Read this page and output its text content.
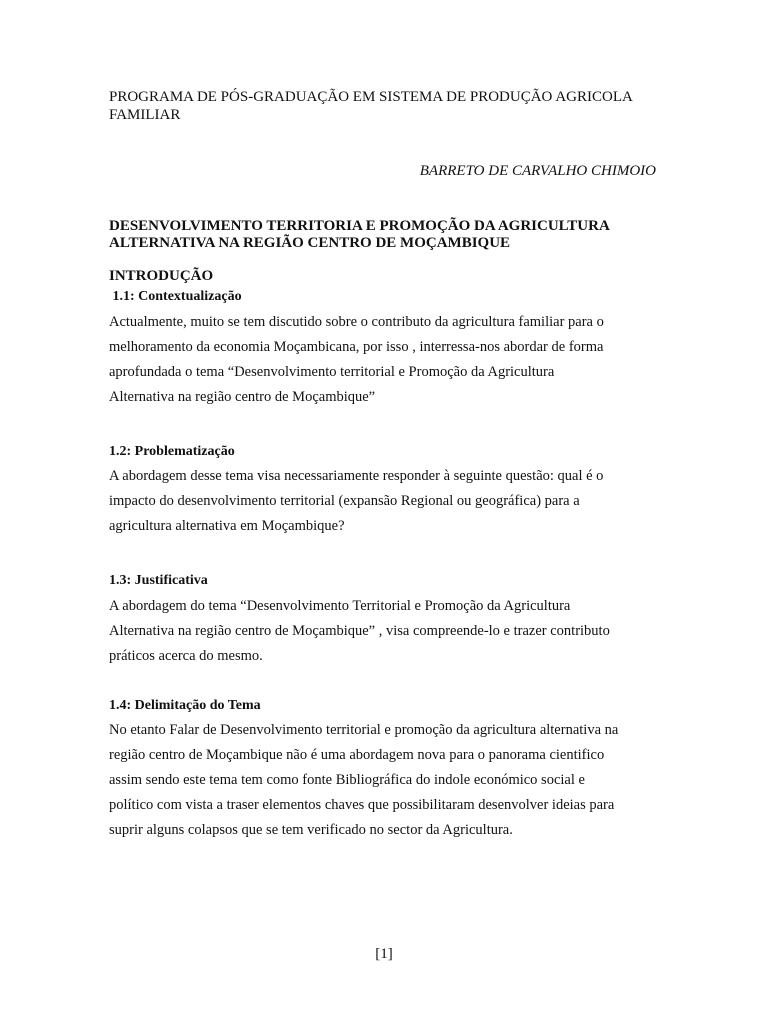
PROGRAMA DE PÓS-GRADUAÇÃO EM SISTEMA DE PRODUÇÃO AGRICOLA FAMILIAR
BARRETO DE CARVALHO CHIMOIO
DESENVOLVIMENTO TERRITORIA E PROMOÇÃO DA AGRICULTURA
ALTERNATIVA NA REGIÃO CENTRO DE MOÇAMBIQUE
INTRODUÇÃO
1.1: Contextualização

Actualmente, muito se tem discutido sobre o contributo da agricultura familiar para o
melhoramento da economia Moçambicana, por isso , interressa-nos abordar de forma
aprofundada o tema “Desenvolvimento territorial e Promoção da Agricultura
Alternativa na região centro de Moçambique”

1.2: Problematização

A abordagem desse tema visa necessariamente responder à seguinte questão: qual é o
impacto do desenvolvimento territorial (expansão Regional ou geográfica) para a
agricultura alternativa em Moçambique?

1.3: Justificativa

A abordagem do tema “Desenvolvimento Territorial e Promoção da Agricultura
Alternativa na região centro de Moçambique” , visa compreende-lo e trazer contributo
práticos acerca do mesmo.

1.4: Delimitação do Tema

No etanto Falar de Desenvolvimento territorial e promoção da agricultura alternativa na
região centro de Moçambique não é uma abordagem nova para o panorama cientifico
assim sendo este tema tem como fonte Bibliográfica do indole económico social e
político com vista a traser elementos chaves que possibilitaram desenvolver ideias para
suprir alguns colapsos que se tem verificado no sector da Agricultura.

[1]
